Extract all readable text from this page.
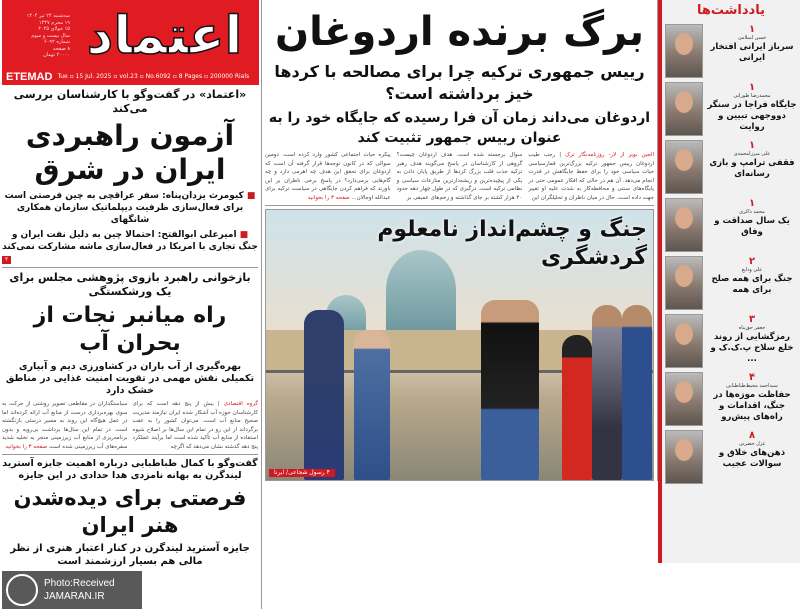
سه‌شنبه ۲۴ تیر ۱۴۰۴
۱۹ محرم ۱۴۴۷
۱۵ جولای ۲۰۲۵
سال بیست و سوم
شماره ۶۰۹۲
۸ صفحه
۲۰۰۰۰ تومان اعتماد
ETEMAD Tue ▫ 15 Jul. 2025 ▫ vol.23 ▫ No.6092 ▫ 8 Pages ▫ 200000 Rials
«اعتماد» در گفت‌وگو با کارشناسان بررسی می‌کند
آزمون راهبردی ایران در شرق
■ کیومرث یزدان‌پناه: سفر عراقچی به چین فرصتی است برای فعال‌سازی ظرفیت دیپلماتیک سازمان همکاری شانگهای
■ امیرعلی ابوالفتح: احتمالا چین به دلیل نفت ایران و جنگ تجاری با امریکا در فعال‌سازی ماشه مشارکت نمی‌کند
۲
بازخوانی راهبرد بازوی پژوهشی مجلس برای یک ورشکستگی
راه میانبر نجات از بحران آب
بهره‌گیری از آب باران در کشاورزی دیم و آبیاری تکمیلی نقش مهمی در تقویت امنیت غذایی در مناطق خشک دارد
گروه اقتصادی | بیش از پنج دهه است که برای کارشناسان حوزه آب آشکار شده ایران نیازمند مدیریت صحیح منابع آب است. می‌توان کشور را به عقب برگرداند از این رو در تمام این سال‌ها بر اصلاح شیوه استفاده از منابع آب تأکید شده است اما برآیند عملکرد پنج دهه گذشته نشان می‌دهد که اگرچه
سیاستگذاران در مقاطعی تصویر روشنی از حرکت به سوی بهره‌برداری درست از منابع آب ارائه کرده‌اند اما در عمل هیچ‌گاه این روند به مسیر درستی بازنگشته است. در تمام این سال‌ها برداشت بی‌رویه و بدون برنامه‌ریزی از منابع آب زیرزمینی منجر به تخلیه شدید سفره‌های آب زیرزمینی شده است صفحه ۳ را بخوانید
گفت‌وگو با کمال طباطبایی درباره اهمیت جایزه آسترید لیندگرن به بهانه نامزدی هدا حدادی در این جایزه
فرصتی برای دیده‌شدن هنر ایران
جایزه آسترید لیندگرن در کنار اعتبار هنری از نظر مالی هم بسیار ارزشمند است
Photo:Received
JAMARAN.IR
برگ برنده اردوغان
رییس جمهوری ترکیه چرا برای مصالحه با کردها خیز برداشته است؟
اردوغان می‌داند زمان آن فرا رسیده که جایگاه خود را به عنوان رییس جمهور تثبیت کند
الجین بویر از لار- روزنامه‌نگار ترک | رجب طیب اردوغان رییس جمهور ترکیه بزرگ‌ترین قمارسیاسی حیات سیاسی خود را برای حفظ جایگاهش در قدرت انجام می‌دهد. آن هم در حالی که افکار عمومی حتی در پایگاه‌های سنتی و محافظه‌کار به شدت علیه او تغییر جهت داده است. حال در میان ناظران و تحلیلگران این
سوال برجسته شده است. هدف اردوغان چیست؟ گروهی از کارشناسان در پاسخ می‌گویند هدف رهبر ترکیه جذب قلب بزرگ کردها از طریق پایان دادن به یکی از پیچیده‌ترین و ریشه‌دارترین منازعات سیاسی و نظامی ترکیه است. درگیری که در طول چهار دهه حدود ۴۰ هزار کشته بر جای گذاشته و زخم‌های عمیقی بر
پیکره حیات اجتماعی کشور وارد کرده است. دومین سوالی که در کانون توجه‌ها قرار گرفته آن است که اردوغان برای تحقق این هدف چه اهرمی دارد و چه گام‌هایی برمی‌دارد؟ در پاسخ برخی ناظران بر این باورند که فراهم کردن جایگاهی در سیاست ترکیه برای عبدالله اوجالان... صفحه ۳ را بخوانید
جنگ و چشم‌انداز نامعلوم گردشگری
۴ رسول شجاعی/ ایرنا
یادداشت‌ها
۱
حسن اسلامی
سرباز ایرانی افتخار ایرانی
۱
محمدرضا طورانی
جایگاه فراجا در سنگر دووجهی تبیین و روایت
۱
علی میرزامحمدی
فقفی ترامپ و بازی رسانه‌ای
۱
محمد ذاکری
یک سال صداقت و وفاق
۲
علی ودایع
جنگ برای همه صلح برای همه
۳
جعفر حق‌پناه
رمزگشایی از روند خلع سلاح پ.ک.ک و ...
۴
سیداحمد محیط‌طباطبایی
حفاظت موزه‌ها در جنگ، اقدامات و راه‌های پیش‌رو
۸
غزل حضرتی
ذهن‌های خلاق و سوالات عجیب
